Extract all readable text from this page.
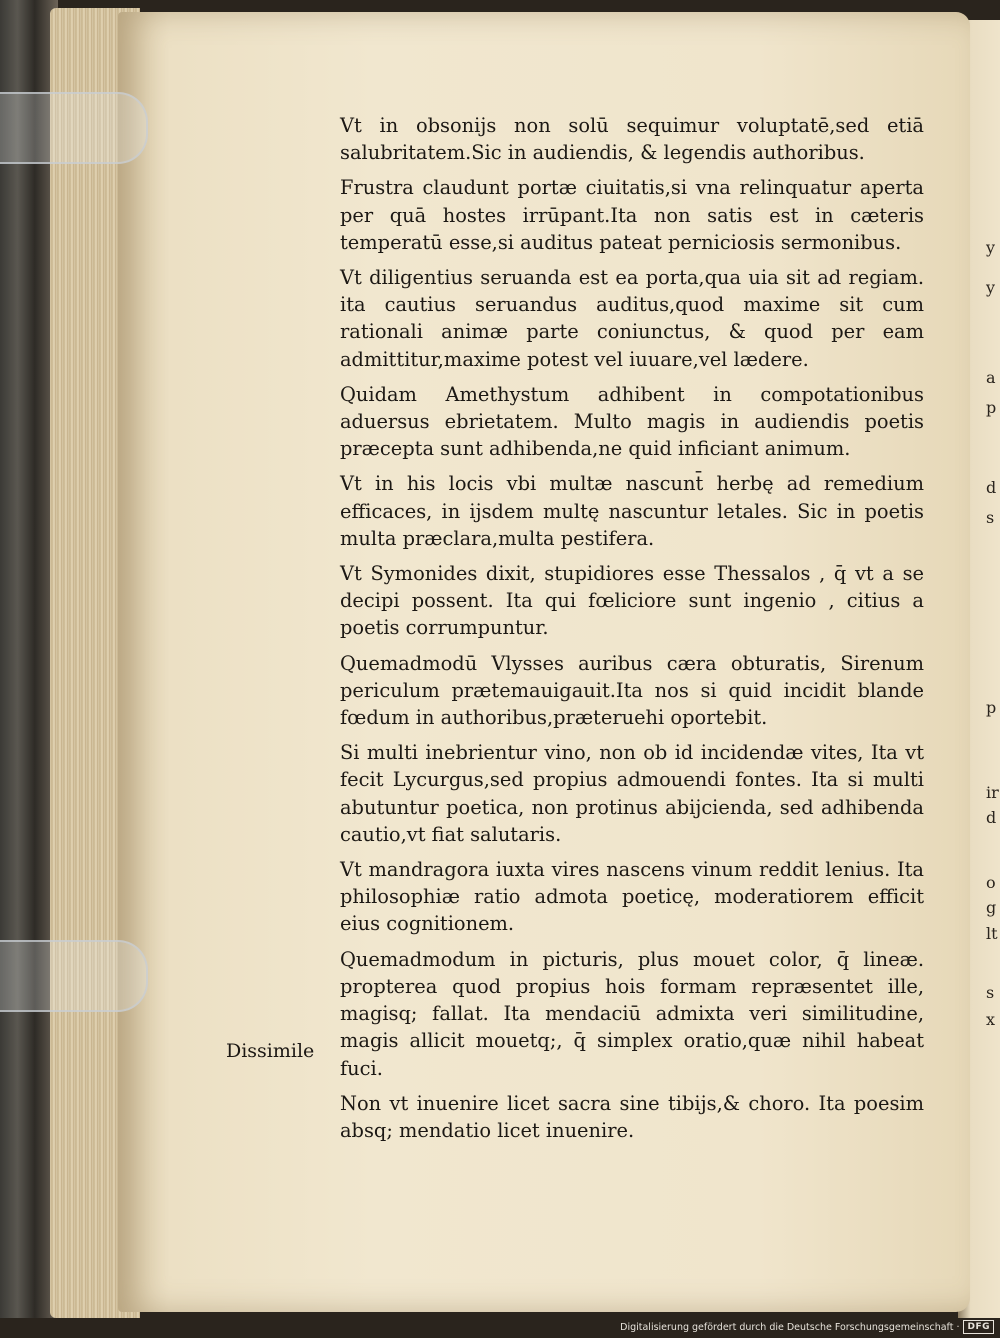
Vt in obsonijs non solū sequimur voluptatē,sed etiā salubritatem.Sic in audiendis, & legendis authoribus.

Frustra claudunt portæ ciuitatis,si vna relinquatur aperta per quā hostes irrūpant.Ita non satis est in cæteris temperatū esse,si auditus pateat perniciosis sermonibus.

Vt diligentius seruanda est ea porta,qua uia sit ad regiam. ita cautius seruandus auditus,quod maxime sit cum rationali animæ parte coniunctus, & quod per eam admittitur,maxime potest vel iuuare,vel lædere.

Quidam Amethystum adhibent in compotationibus aduersus ebrietatem. Multo magis in audiendis poetis præcepta sunt adhibenda,ne quid inficiant animum.

Vt in his locis vbi multæ nascunt̄ herbę ad remedium efficaces, in ijsdem multę nascuntur letales. Sic in poetis multa præclara,multa pestifera.

Vt Symonides dixit, stupidiores esse Thessalos , q̄ vt a se decipi possent. Ita qui fœliciore sunt ingenio , citius a poetis corrumpuntur.

Quemadmodū Vlysses auribus cæra obturatis, Sirenum periculum prætemauigauit.Ita nos si quid incidit blande fœdum in authoribus,præteruehi oportebit.

Si multi inebrientur vino, non ob id incidendæ vites, Ita vt fecit Lycurgus,sed propius admouendi fontes. Ita si multi abutuntur poetica, non protinus abijcienda, sed adhibenda cautio,vt fiat salutaris.

Vt mandragora iuxta vires nascens vinum reddit lenius. Ita philosophiæ ratio admota poeticę, moderatiorem efficit eius cognitionem.

Quemadmodum in picturis, plus mouet color, q̄ lineæ. propterea quod propius hois formam repræsentet ille, magisq; fallat. Ita mendaciū admixta veri similitudine, magis allicit mouetq;, q̄ simplex oratio,quæ nihil habeat fuci.

Non vt inuenire licet sacra sine tibijs,& choro. Ita poesim absq; mendatio licet inuenire.

Dissimile
y
y
a
p
d
s
p
ir
d
o
g
lt
s
x
Digitalisierung gefördert durch die Deutsche Forschungsgemeinschaft · DFG
